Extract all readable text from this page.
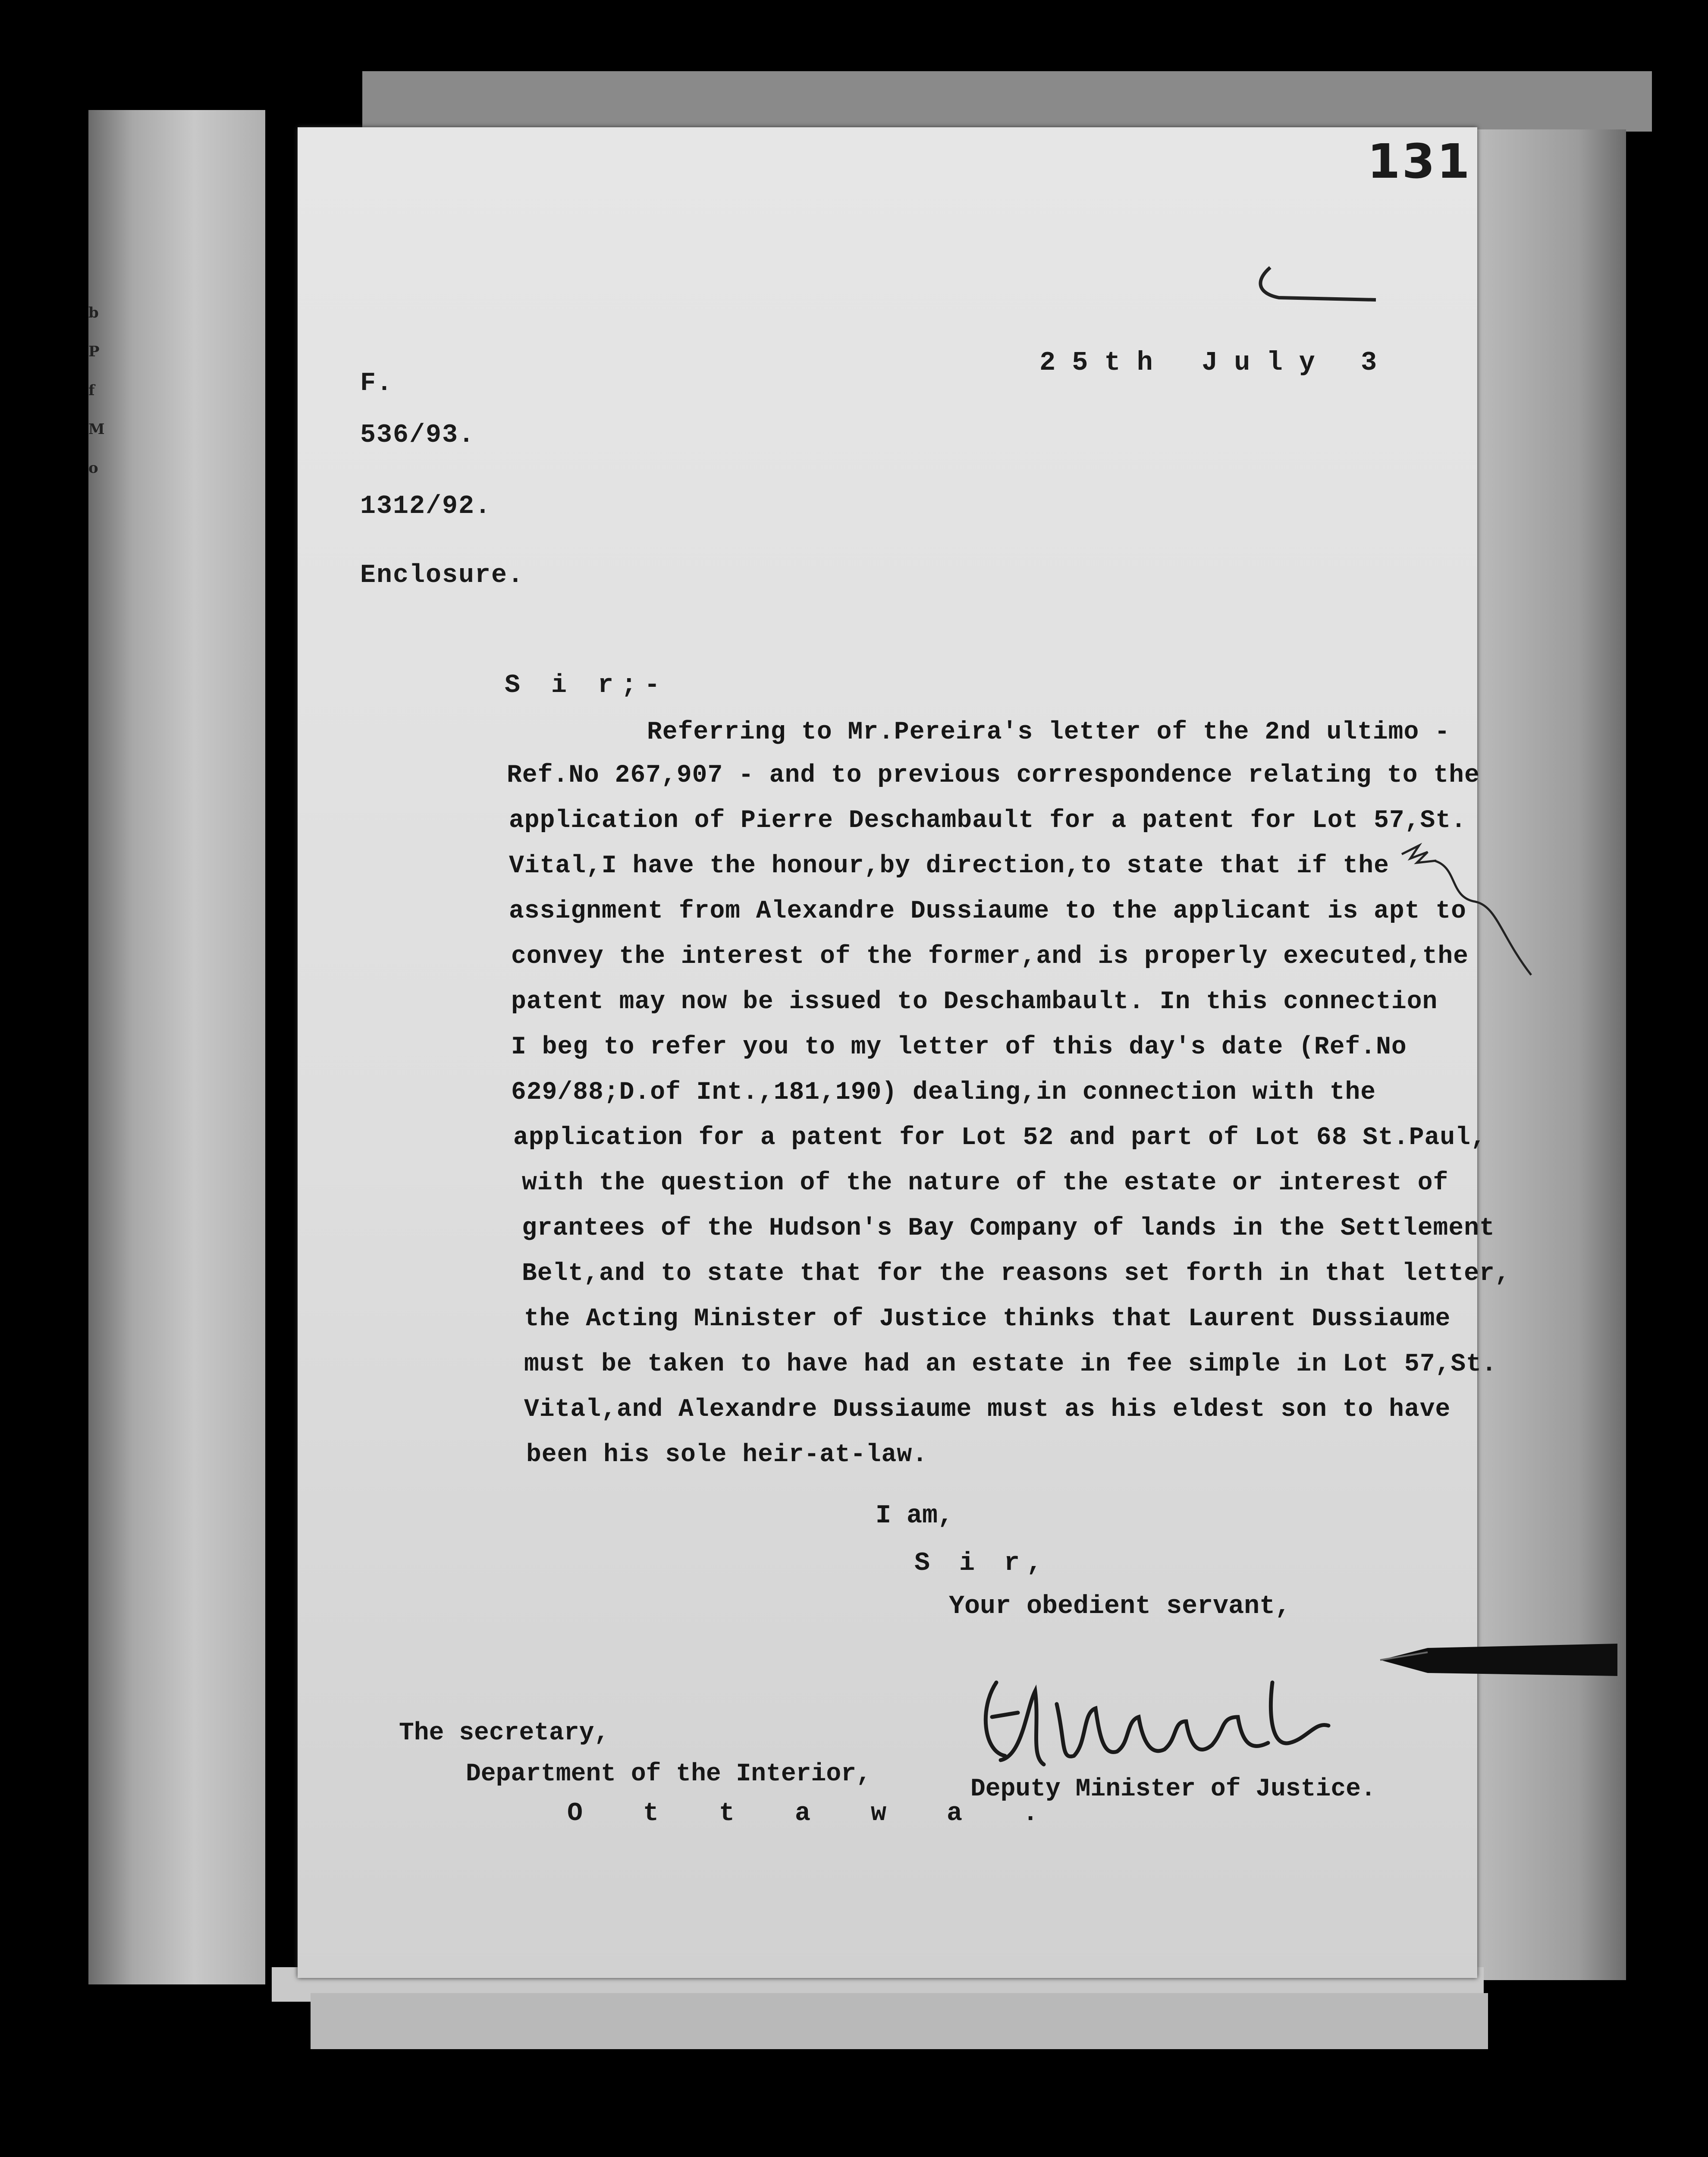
b
P
f
M
o
131
25th July 3
F.
536/93.
1312/92.
Enclosure.
S i r;-
Referring to Mr.Pereira's letter of the 2nd ultimo -
Ref.No 267,907 - and to previous correspondence relating to the
application of Pierre Deschambault for a patent for Lot 57,St.
Vital,I have the honour,by direction,to state that if the
assignment from Alexandre Dussiaume to the applicant is apt to
convey the interest of the former,and is properly executed,the
patent may now be issued to Deschambault. In this connection
I beg to refer you to my letter of this day's date (Ref.No
629/88;D.of Int.,181,190) dealing,in connection with the
application for a patent for Lot 52 and part of Lot 68 St.Paul,
with the question of the nature of the estate or interest of
grantees of the Hudson's Bay Company of lands in the Settlement
Belt,and to state that for the reasons set forth in that letter,
the Acting Minister of Justice thinks that Laurent Dussiaume
must be taken to have had an estate in fee simple in Lot 57,St.
Vital,and Alexandre Dussiaume must as his eldest son to have
been his sole heir-at-law.
I am,
S i r,
Your obedient servant,
The secretary,
Department of the Interior,
O t t a w a .
Deputy Minister of Justice.
